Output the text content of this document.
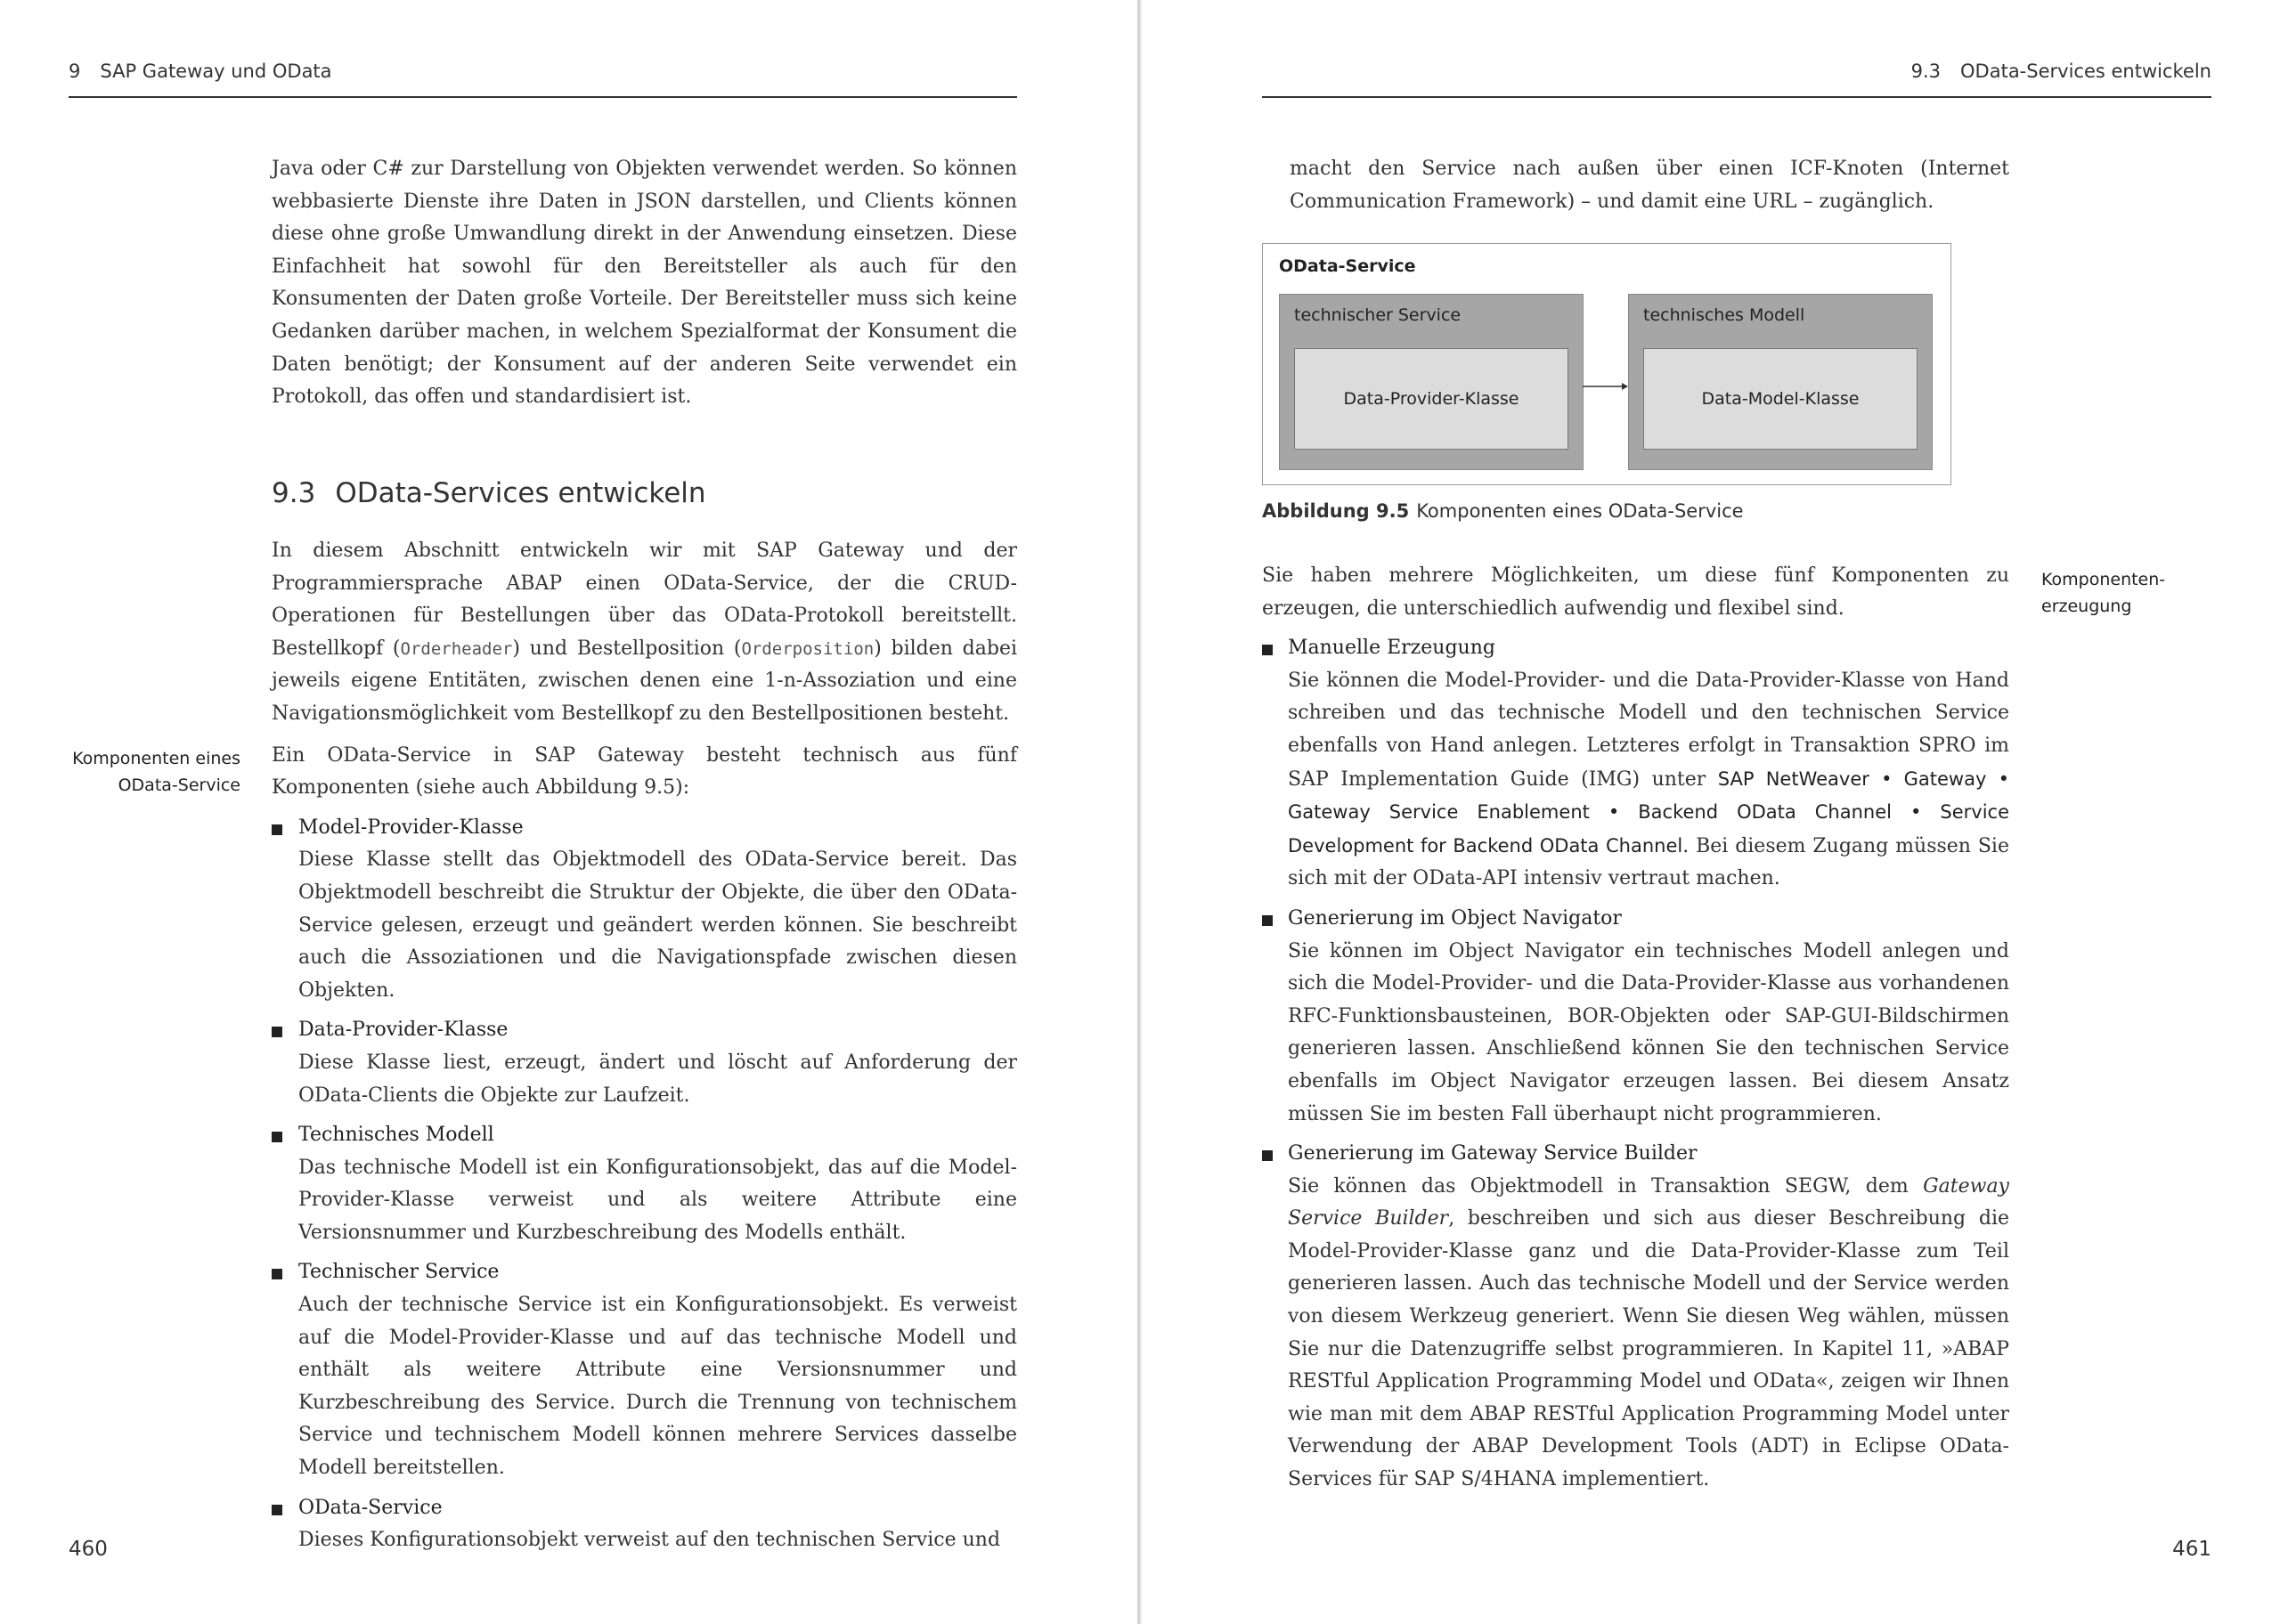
9 SAP Gateway und OData

Java oder C# zur Darstellung von Objekten verwendet werden. So können webbasierte Dienste ihre Daten in JSON darstellen, und Clients können diese ohne große Umwandlung direkt in der Anwendung einsetzen. Diese Einfachheit hat sowohl für den Bereitsteller als auch für den Konsumenten der Daten große Vorteile. Der Bereitsteller muss sich keine Gedanken darüber machen, in welchem Spezialformat der Konsument die Daten benötigt; der Konsument auf der anderen Seite verwendet ein Protokoll, das offen und standardisiert ist.

9.3 OData-Services entwickeln

In diesem Abschnitt entwickeln wir mit SAP Gateway und der Programmiersprache ABAP einen OData-Service, der die CRUD-Operationen für Bestellungen über das OData-Protokoll bereitstellt. Bestellkopf (Orderheader) und Bestellposition (Orderposition) bilden dabei jeweils eigene Entitäten, zwischen denen eine 1-n-Assoziation und eine Navigationsmöglichkeit vom Bestellkopf zu den Bestellpositionen besteht.

Ein OData-Service in SAP Gateway besteht technisch aus fünf Komponenten (siehe auch Abbildung 9.5):

Model-Provider-Klasse
Diese Klasse stellt das Objektmodell des OData-Service bereit. Das Objektmodell beschreibt die Struktur der Objekte, die über den OData-Service gelesen, erzeugt und geändert werden können. Sie beschreibt auch die Assoziationen und die Navigationspfade zwischen diesen Objekten.
Data-Provider-Klasse
Diese Klasse liest, erzeugt, ändert und löscht auf Anforderung der OData-Clients die Objekte zur Laufzeit.
Technisches Modell
Das technische Modell ist ein Konfigurationsobjekt, das auf die Model-Provider-Klasse verweist und als weitere Attribute eine Versionsnummer und Kurzbeschreibung des Modells enthält.
Technischer Service
Auch der technische Service ist ein Konfigurationsobjekt. Es verweist auf die Model-Provider-Klasse und auf das technische Modell und enthält als weitere Attribute eine Versionsnummer und Kurzbeschreibung des Service. Durch die Trennung von technischem Service und technischem Modell können mehrere Services dasselbe Modell bereitstellen.
OData-Service
Dieses Konfigurationsobjekt verweist auf den technischen Service und
Komponenten eines
OData-Service
460
9.3 OData-Services entwickeln

macht den Service nach außen über einen ICF-Knoten (Internet Communication Framework) – und damit eine URL – zugänglich.

OData-Service
technischer Service
Data-Provider-Klasse
technisches Modell
Data-Model-Klasse
Abbildung 9.5 Komponenten eines OData-Service

Sie haben mehrere Möglichkeiten, um diese fünf Komponenten zu erzeugen, die unterschiedlich aufwendig und flexibel sind.

Manuelle Erzeugung
Sie können die Model-Provider- und die Data-Provider-Klasse von Hand schreiben und das technische Modell und den technischen Service ebenfalls von Hand anlegen. Letzteres erfolgt in Transaktion SPRO im SAP Implementation Guide (IMG) unter SAP NetWeaver • Gateway • Gateway Service Enablement • Backend OData Channel • Service Development for Backend OData Channel. Bei diesem Zugang müssen Sie sich mit der OData-API intensiv vertraut machen.
Generierung im Object Navigator
Sie können im Object Navigator ein technisches Modell anlegen und sich die Model-Provider- und die Data-Provider-Klasse aus vorhandenen RFC-Funktionsbausteinen, BOR-Objekten oder SAP-GUI-Bildschirmen generieren lassen. Anschließend können Sie den technischen Service ebenfalls im Object Navigator erzeugen lassen. Bei diesem Ansatz müssen Sie im besten Fall überhaupt nicht programmieren.
Generierung im Gateway Service Builder
Sie können das Objektmodell in Transaktion SEGW, dem Gateway Service Builder, beschreiben und sich aus dieser Beschreibung die Model-Provider-Klasse ganz und die Data-Provider-Klasse zum Teil generieren lassen. Auch das technische Modell und der Service werden von diesem Werkzeug generiert. Wenn Sie diesen Weg wählen, müssen Sie nur die Datenzugriffe selbst programmieren. In Kapitel 11, »ABAP RESTful Application Programming Model und OData«, zeigen wir Ihnen wie man mit dem ABAP RESTful Application Programming Model unter Verwendung der ABAP Development Tools (ADT) in Eclipse OData-Services für SAP S/4HANA implementiert.
Komponenten-
erzeugung
461
